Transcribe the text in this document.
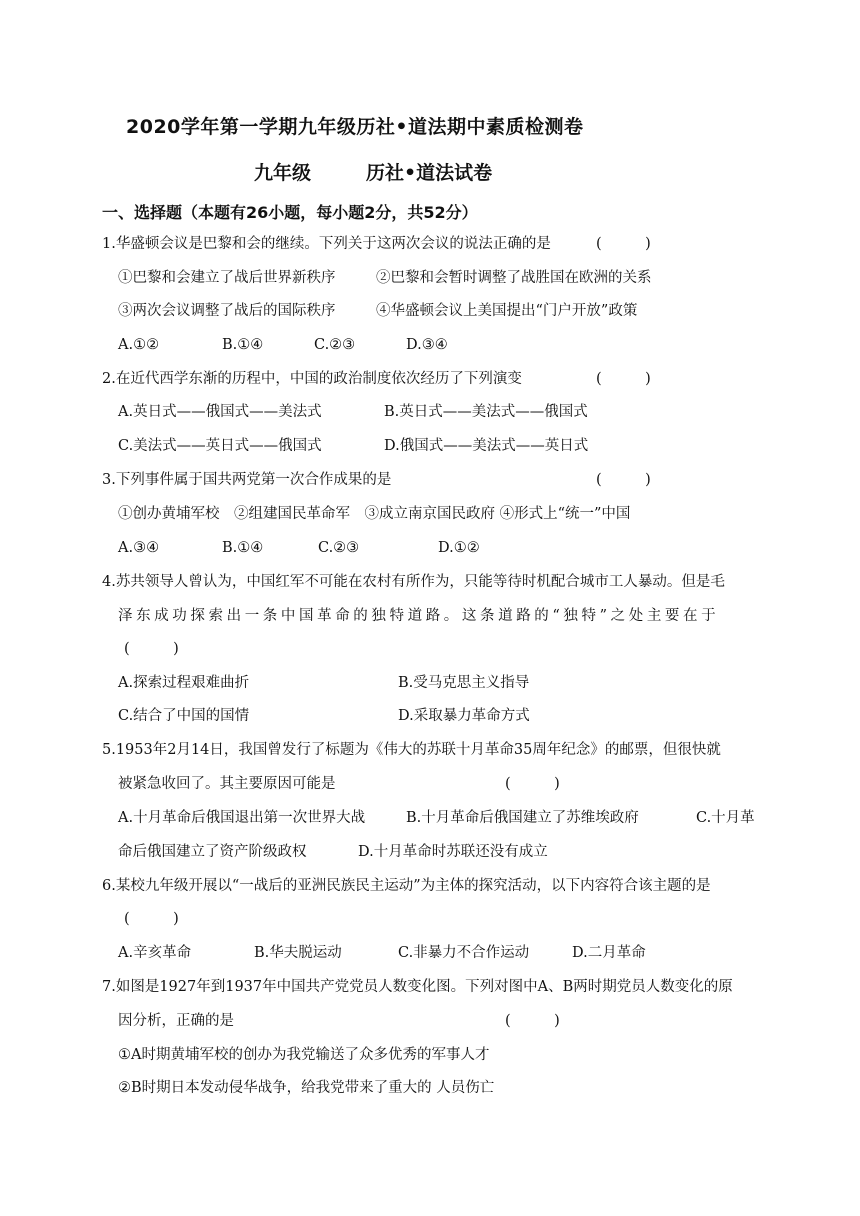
2020学年第一学期九年级历社•道法期中素质检测卷
九年级	历社•道法试卷
一、选择题（本题有26小题，每小题2分，共52分）
1.华盛顿会议是巴黎和会的继续。下列关于这两次会议的说法正确的是	(　　　)
①巴黎和会建立了战后世界新秩序	②巴黎和会暂时调整了战胜国在欧洲的关系
③两次会议调整了战后的国际秩序	④华盛顿会议上美国提出“门户开放”政策
A.①②	B.①④	C.②③	D.③④
2.在近代西学东渐的历程中，中国的政治制度依次经历了下列演变	(　　　)
A.英日式——俄国式——美法式	B.英日式——美法式——俄国式
C.美法式——英日式——俄国式	D.俄国式——美法式——英日式
3.下列事件属于国共两党第一次合作成果的是	(　　　)
①创办黄埔军校　②组建国民革命军　③成立南京国民政府 ④形式上“统一”中国
A.③④	B.①④	C.②③	D.①②
4.苏共领导人曾认为，中国红军不可能在农村有所作为，只能等待时机配合城市工人暴动。但是毛
泽东成功探索出一条中国革命的独特道路。这条道路的“独特”之处主要在于
(　　　)
A.探索过程艰难曲折	B.受马克思主义指导
C.结合了中国的国情	D.采取暴力革命方式
5.1953年2月14日，我国曾发行了标题为《伟大的苏联十月革命35周年纪念》的邮票，但很快就
被紧急收回了。其主要原因可能是	(　　　)
A.十月革命后俄国退出第一次世界大战	B.十月革命后俄国建立了苏维埃政府	C.十月革
命后俄国建立了资产阶级政权	D.十月革命时苏联还没有成立
6.某校九年级开展以“一战后的亚洲民族民主运动”为主体的探究活动，以下内容符合该主题的是
(　　　)
A.辛亥革命	B.华夫脱运动	C.非暴力不合作运动	D.二月革命
7.如图是1927年到1937年中国共产党党员人数变化图。下列对图中A、B两时期党员人数变化的原
因分析，正确的是	(　　　)
①A时期黄埔军校的创办为我党输送了众多优秀的军事人才
②B时期日本发动侵华战争，给我党带来了重大的 人员伤亡
